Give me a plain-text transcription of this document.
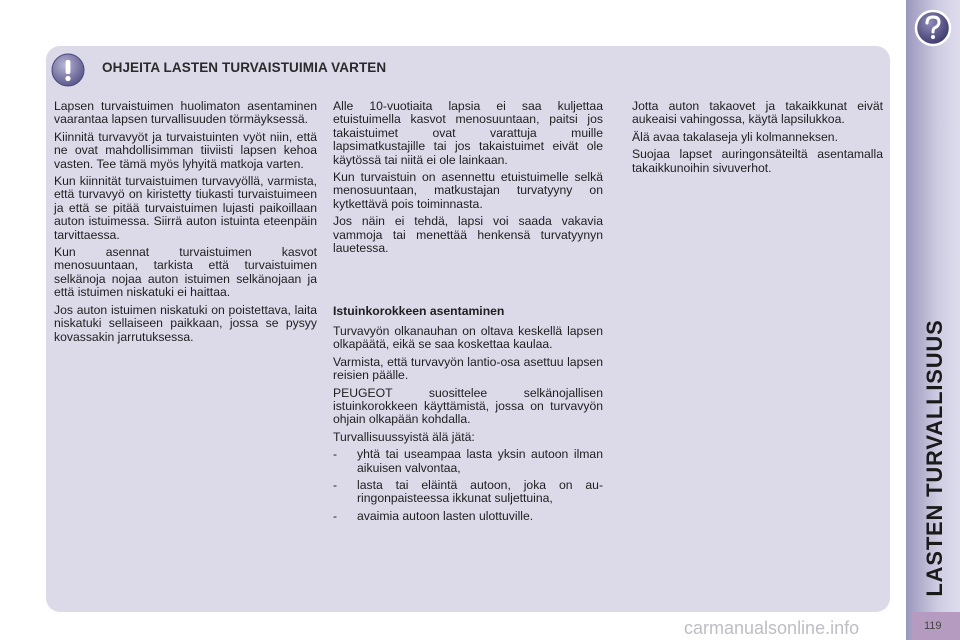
OHJEITA LASTEN TURVAISTUIMIA VARTEN

Lapsen turvaistuimen huolimaton asentaminen vaarantaa lapsen turvallisuuden törmäyksessä.

Kiinnitä turvavyöt ja turvaistuinten vyöt niin, että ne ovat mahdollisimman tiiviisti lapsen kehoa vasten. Tee tämä myös lyhyitä matkoja varten.

Kun kiinnität turvaistuimen turvavyöllä, varmista, että turvavyö on kiristetty tiukasti turvaistuimeen ja että se pitää turvaistuimen lujasti paikoillaan auton istuimessa. Siirrä auton istuinta eteenpäin tarvittaessa.

Kun asennat turvaistuimen kasvot menosuuntaan, tarkista että turvaistuimen selkänoja nojaa auton istuimen selkänojaan ja että istuimen niskatuki ei haittaa.

Jos auton istuimen niskatuki on poistettava, laita niskatuki sellaiseen paikkaan, jossa se pysyy kovassakin jarrutuksessa.

Alle 10-vuotiaita lapsia ei saa kuljettaa etuistuimella kasvot menosuuntaan, paitsi jos takaistuimet ovat varattuja muille lapsimatkustajille tai jos takaistuimet eivät ole käytössä tai niitä ei ole lainkaan.

Kun turvaistuin on asennettu etuistuimelle selkä menosuuntaan, matkustajan turvatyyny on kytkettävä pois toiminnasta.

Jos näin ei tehdä, lapsi voi saada vakavia vammoja tai menettää henkensä turvatyynyn lauetessa.

Istuinkorokkeen asentaminen

Turvavyön olkanauhan on oltava keskellä lapsen olkapäätä, eikä se saa koskettaa kaulaa.

Varmista, että turvavyön lantio-osa asettuu lapsen reisien päälle.

PEUGEOT suosittelee selkänojallisen istuinkorokkeen käyttämistä, jossa on turvavyön ohjain olkapään kohdalla.

Turvallisuussyistä älä jätä:

-	yhtä tai useampaa lasta yksin autoon ilman aikuisen valvontaa,
-	lasta tai eläintä autoon, joka on auringonpaisteessa ikkunat suljettuina,
-	avaimia autoon lasten ulottuville.

Jotta auton takaovet ja takaikkunat eivät aukeaisi vahingossa, käytä lapsilukkoa.

Älä avaa takalaseja yli kolmanneksen.

Suojaa lapset auringonsäteiltä asentamalla takaikkunoihin sivuverhot.

LASTEN TURVALLISUUS
119
carmanualsonline.info
